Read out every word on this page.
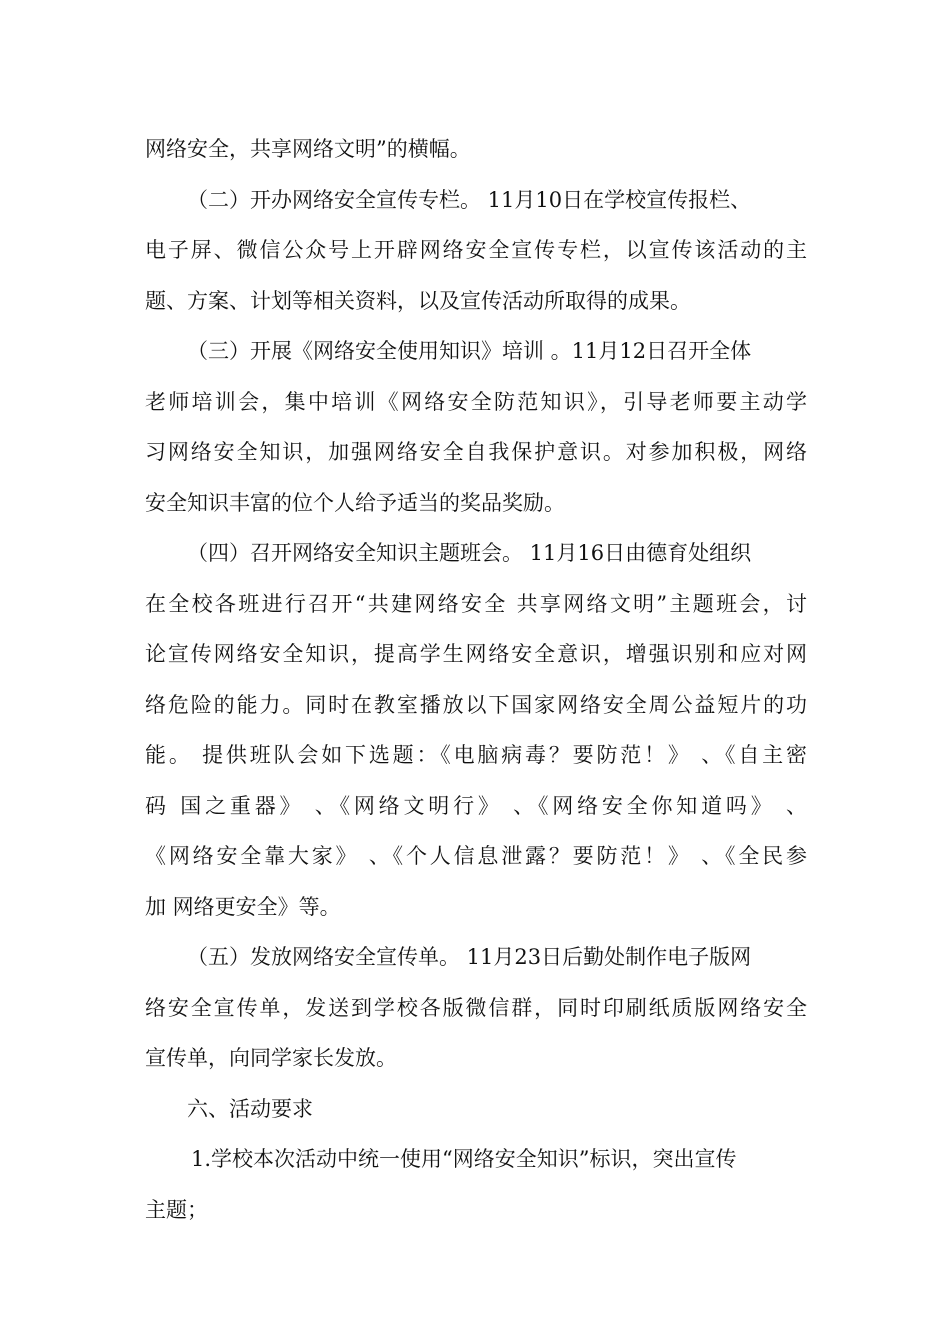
网络安全，共享网络文明”的横幅。
（二）开办网络安全宣传专栏。 11月10日在学校宣传报栏、
电子屏、微信公众号上开辟网络安全宣传专栏，以宣传该活动的主
题、方案、计划等相关资料，以及宣传活动所取得的成果。
（三）开展《网络安全使用知识》培训 。11月12日召开全体
老师培训会，集中培训《网络安全防范知识》，引导老师要主动学
习网络安全知识，加强网络安全自我保护意识。对参加积极，网络
安全知识丰富的位个人给予适当的奖品奖励。
（四）召开网络安全知识主题班会。 11月16日由德育处组织
在全校各班进行召开“共建网络安全 共享网络文明”主题班会，讨
论宣传网络安全知识，提高学生网络安全意识，增强识别和应对网
络危险的能力。同时在教室播放以下国家网络安全周公益短片的功
能。 提供班队会如下选题：《电脑病毒？要防范！》 、《自主密
码 国之重器》 、《网络文明行》 、《网络安全你知道吗》 、
《网络安全靠大家》 、《个人信息泄露？要防范！》 、《全民参
加 网络更安全》等。
（五）发放网络安全宣传单。 11月23日后勤处制作电子版网
络安全宣传单，发送到学校各版微信群，同时印刷纸质版网络安全
宣传单，向同学家长发放。
六、活动要求
1.学校本次活动中统一使用“网络安全知识”标识，突出宣传
主题；
